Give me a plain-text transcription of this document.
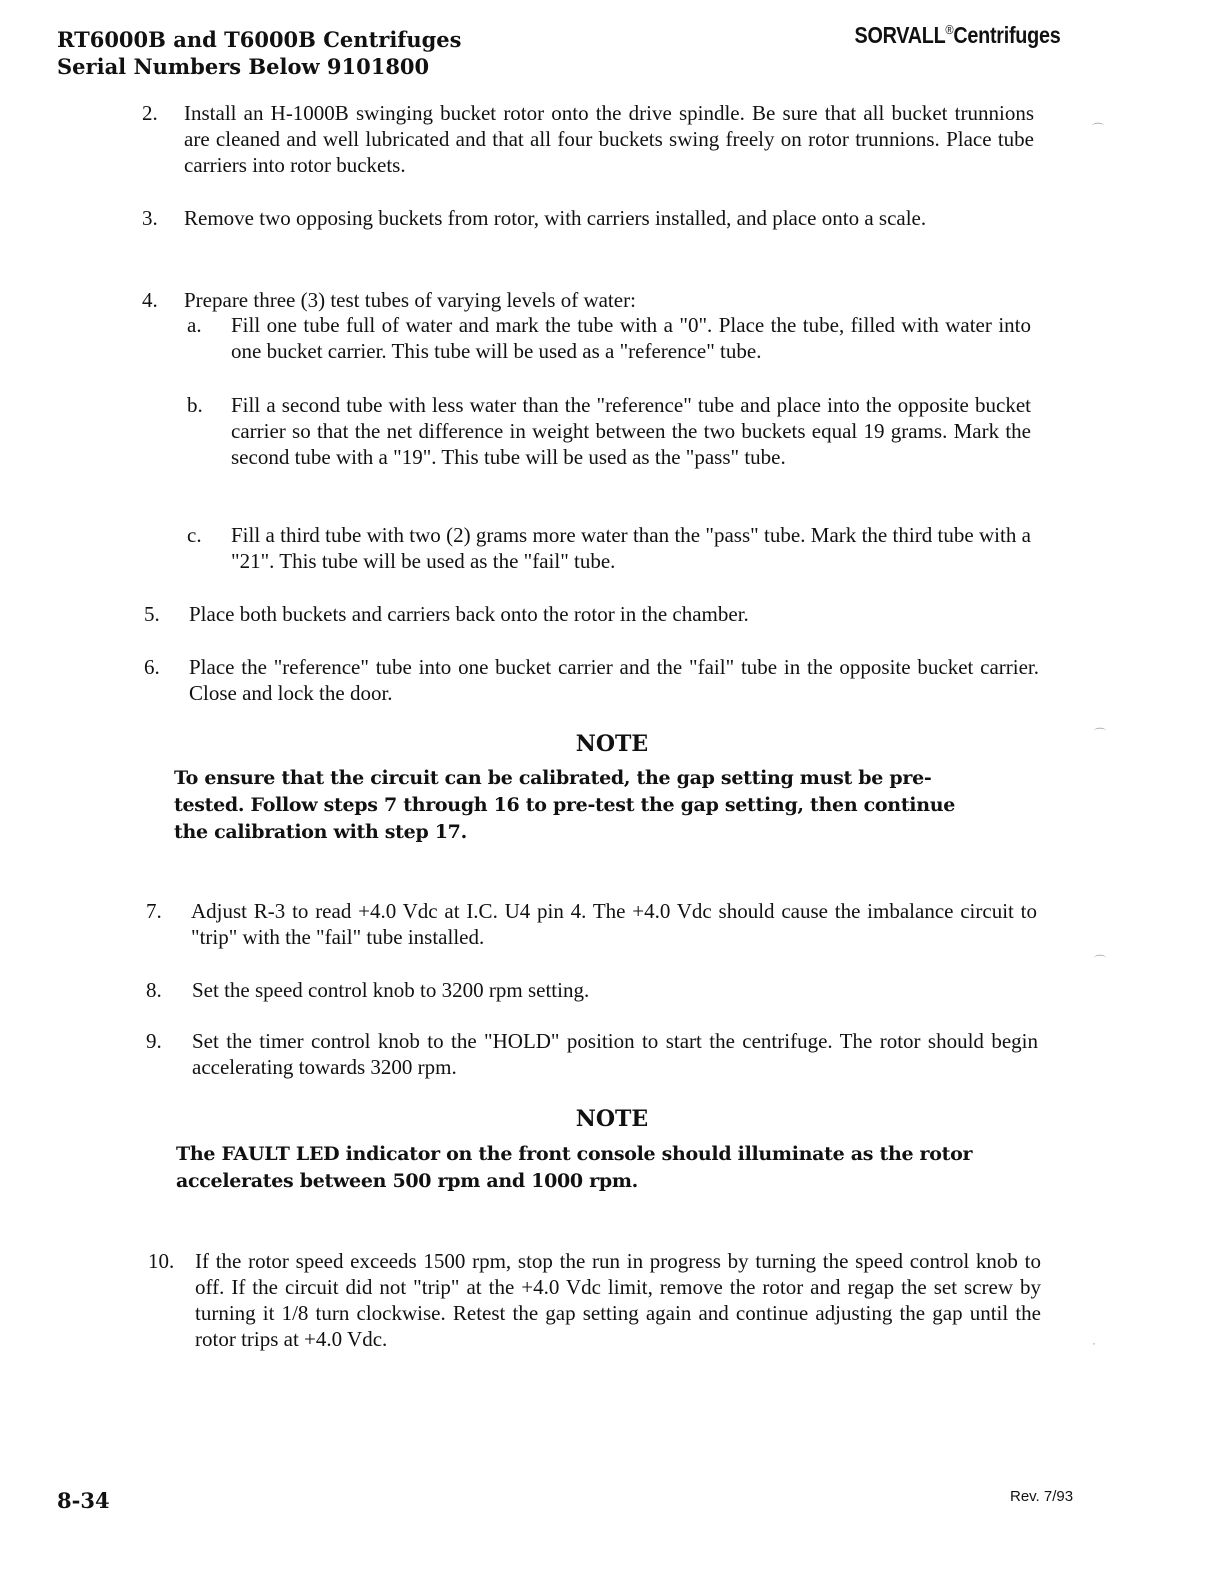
RT6000B and T6000B Centrifuges
Serial Numbers Below 9101800
SORVALL®Centrifuges
2. Install an H-1000B swinging bucket rotor onto the drive spindle. Be sure that all bucket trunnions are cleaned and well lubricated and that all four buckets swing freely on rotor trunnions. Place tube carriers into rotor buckets.
3. Remove two opposing buckets from rotor, with carriers installed, and place onto a scale.
4. Prepare three (3) test tubes of varying levels of water:
a. Fill one tube full of water and mark the tube with a "0". Place the tube, filled with water into one bucket carrier. This tube will be used as a "reference" tube.
b. Fill a second tube with less water than the "reference" tube and place into the opposite bucket carrier so that the net difference in weight between the two buckets equal 19 grams. Mark the second tube with a "19". This tube will be used as the "pass" tube.
c. Fill a third tube with two (2) grams more water than the "pass" tube. Mark the third tube with a "21". This tube will be used as the "fail" tube.
5. Place both buckets and carriers back onto the rotor in the chamber.
6. Place the "reference" tube into one bucket carrier and the "fail" tube in the opposite bucket carrier. Close and lock the door.
NOTE
To ensure that the circuit can be calibrated, the gap setting must be pre-tested. Follow steps 7 through 16 to pre-test the gap setting, then continue the calibration with step 17.
7. Adjust R-3 to read +4.0 Vdc at I.C. U4 pin 4. The +4.0 Vdc should cause the imbalance circuit to "trip" with the "fail" tube installed.
8. Set the speed control knob to 3200 rpm setting.
9. Set the timer control knob to the "HOLD" position to start the centrifuge. The rotor should begin accelerating towards 3200 rpm.
NOTE
The FAULT LED indicator on the front console should illuminate as the rotor accelerates between 500 rpm and 1000 rpm.
10. If the rotor speed exceeds 1500 rpm, stop the run in progress by turning the speed control knob to off. If the circuit did not "trip" at the +4.0 Vdc limit, remove the rotor and regap the set screw by turning it 1/8 turn clockwise. Retest the gap setting again and continue adjusting the gap until the rotor trips at +4.0 Vdc.
8-34	Rev. 7/93
⌒
⌒
⌒
·
